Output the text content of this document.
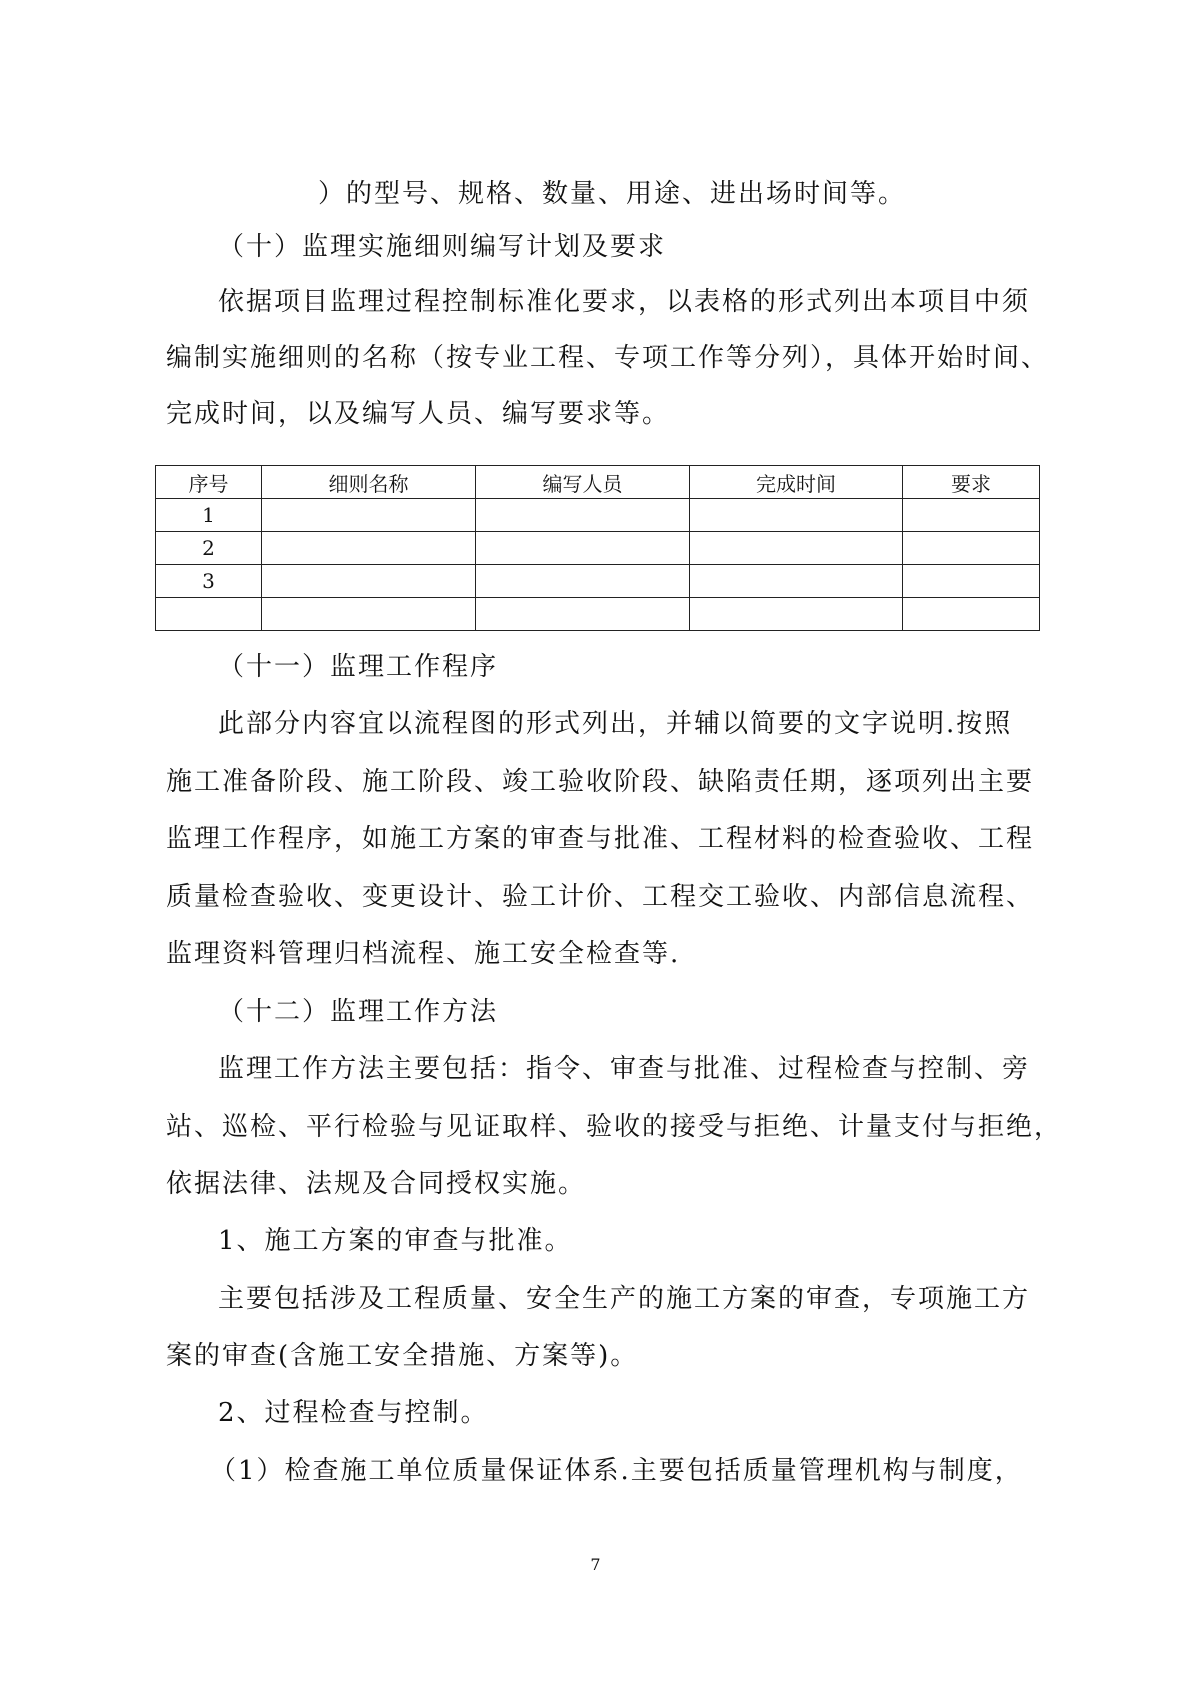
）的型号、规格、数量、用途、进出场时间等。

（十）监理实施细则编写计划及要求

依据项目监理过程控制标准化要求，以表格的形式列出本项目中须

编制实施细则的名称（按专业工程、专项工作等分列），具体开始时间、

完成时间，以及编写人员、编写要求等。

序号	细则名称	编写人员	完成时间	要求
1				
2				
3				

（十一）监理工作程序

此部分内容宜以流程图的形式列出，并辅以简要的文字说明.按照

施工准备阶段、施工阶段、竣工验收阶段、缺陷责任期，逐项列出主要

监理工作程序，如施工方案的审查与批准、工程材料的检查验收、工程

质量检查验收、变更设计、验工计价、工程交工验收、内部信息流程、

监理资料管理归档流程、施工安全检查等.

（十二）监理工作方法

监理工作方法主要包括：指令、审查与批准、过程检查与控制、旁

站、巡检、平行检验与见证取样、验收的接受与拒绝、计量支付与拒绝，

依据法律、法规及合同授权实施。

1、施工方案的审查与批准。

主要包括涉及工程质量、安全生产的施工方案的审查，专项施工方

案的审查(含施工安全措施、方案等)。

2、过程检查与控制。

（1）检查施工单位质量保证体系.主要包括质量管理机构与制度，

7
